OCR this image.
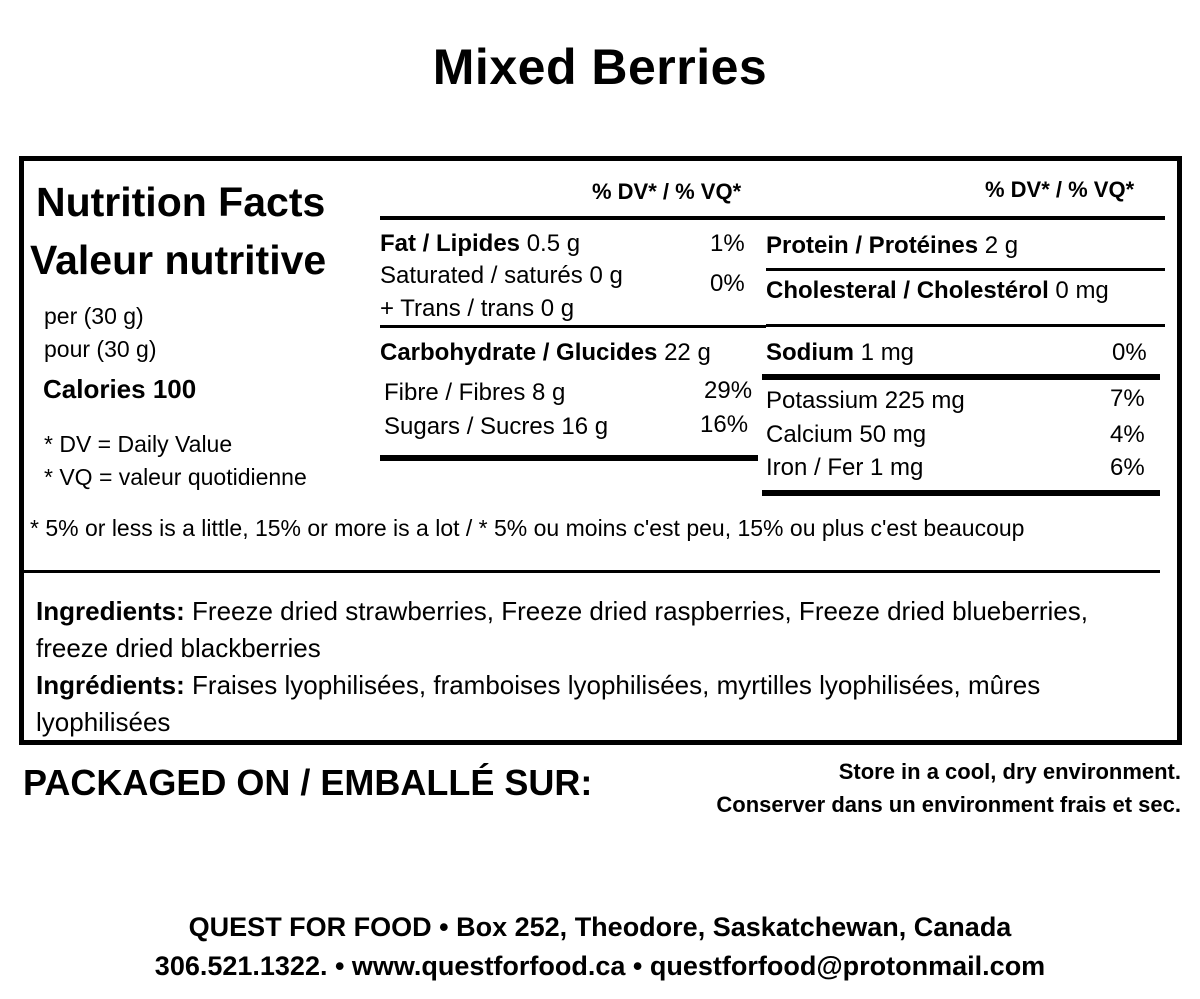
Mixed Berries
Nutrition Facts
Valeur nutritive
per (30 g)
pour (30 g)
Calories 100
* DV = Daily Value
* VQ = valeur quotidienne
% DV* / % VQ*
Fat / Lipides 0.5 g	1%
Saturated / saturés 0 g	0%
+ Trans / trans 0 g
Carbohydrate / Glucides 22 g
Fibre / Fibres 8 g	29%
Sugars / Sucres 16 g	16%
% DV* / % VQ*
Protein / Protéines 2 g
Cholesteral / Cholestérol 0 mg
Sodium 1 mg	0%
Potassium 225 mg	7%
Calcium 50 mg	4%
Iron / Fer 1 mg	6%
* 5% or less is a little, 15% or more is a lot / * 5% ou moins c'est peu, 15% ou plus c'est beaucoup
Ingredients: Freeze dried strawberries, Freeze dried raspberries, Freeze dried blueberries, freeze dried blackberries
Ingrédients: Fraises lyophilisées, framboises lyophilisées, myrtilles lyophilisées, mûres lyophilisées
PACKAGED ON / EMBALLÉ SUR:	Store in a cool, dry environment.
Conserver dans un environment frais et sec.
QUEST FOR FOOD • Box 252, Theodore, Saskatchewan, Canada
306.521.1322. • www.questforfood.ca • questforfood@protonmail.com
